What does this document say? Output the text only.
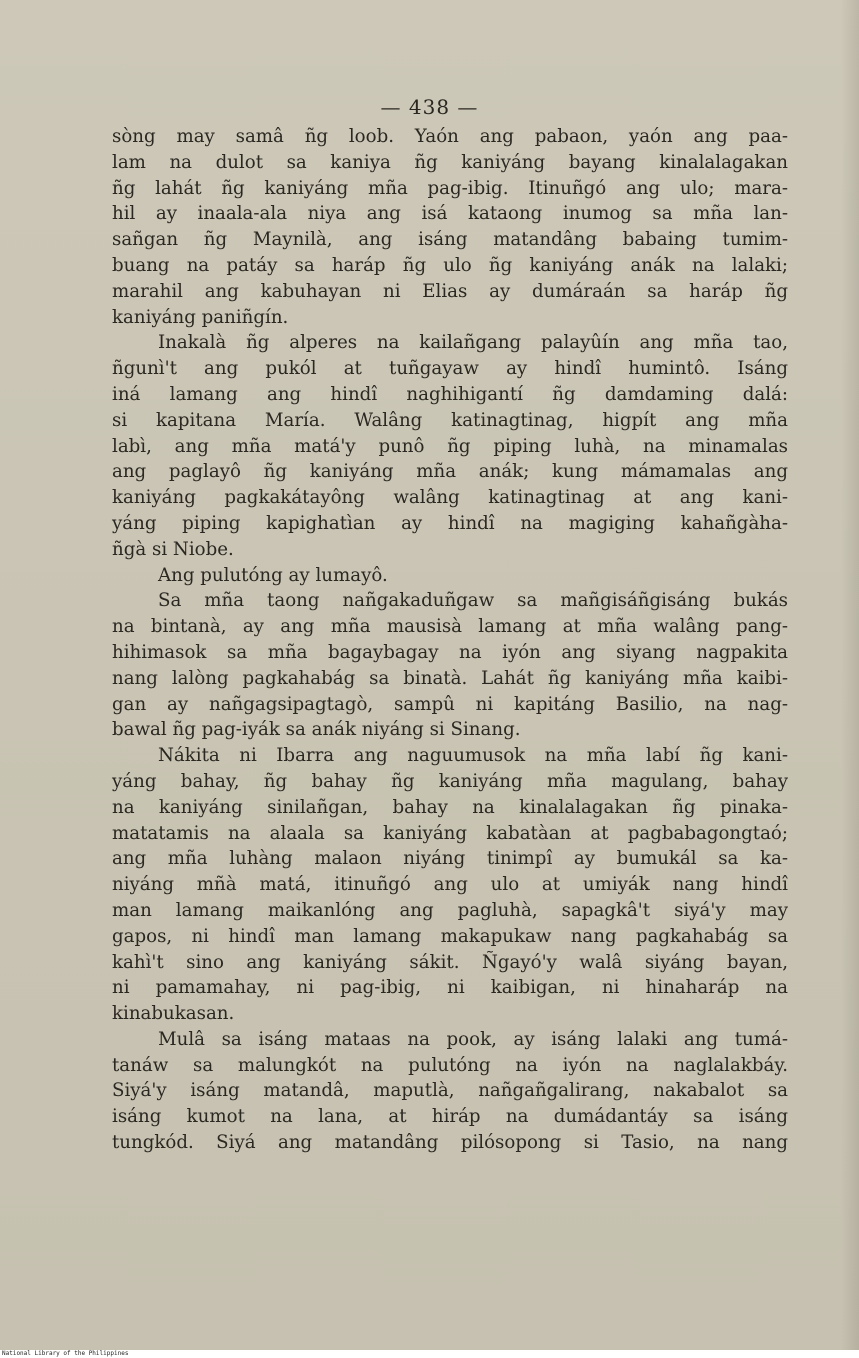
— 438 —
sòng may samâ ñg loob. Yaón ang pabaon, yaón ang paa-
lam na dulot sa kaniya ñg kaniyáng bayang kinalalagakan
ñg lahát ñg kaniyáng mña pag-ibig. Itinuñgó ang ulo; mara-
hil ay inaala-ala niya ang isá kataong inumog sa mña lan-
sañgan ñg Maynilà, ang isáng matandâng babaing tumim-
buang na patáy sa haráp ñg ulo ñg kaniyáng anák na lalaki;
marahil ang kabuhayan ni Elias ay dumáraán sa haráp ñg
kaniyáng paniñgín.
Inakalà ñg alperes na kailañgang palayûín ang mña tao,
ñgunì't ang pukól at tuñgayaw ay hindî humintô. Isáng
iná lamang ang hindî naghihigantí ñg damdaming dalá:
si kapitana María. Walâng katinagtinag, higpít ang mña
labì, ang mña matá'y punô ñg piping luhà, na minamalas
ang paglayô ñg kaniyáng mña anák; kung mámamalas ang
kaniyáng pagkakátayông walâng katinagtinag at ang kani-
yáng piping kapighatìan ay hindî na magiging kahañgàha-
ñgà si Niobe.
Ang pulutóng ay lumayô.
Sa mña taong nañgakaduñgaw sa mañgisáñgisáng bukás
na bintanà, ay ang mña mausisà lamang at mña walâng pang-
hihimasok sa mña bagaybagay na iyón ang siyang nagpakita
nang lalòng pagkahabág sa binatà. Lahát ñg kaniyáng mña kaibi-
gan ay nañgagsipagtagò, sampû ni kapitáng Basilio, na nag-
bawal ñg pag-iyák sa anák niyáng si Sinang.
Nákita ni Ibarra ang naguumusok na mña labí ñg kani-
yáng bahay, ñg bahay ñg kaniyáng mña magulang, bahay
na kaniyáng sinilañgan, bahay na kinalalagakan ñg pinaka-
matatamis na alaala sa kaniyáng kabatàan at pagbabagongtaó;
ang mña luhàng malaon niyáng tinimpî ay bumukál sa ka-
niyáng mñà matá, itinuñgó ang ulo at umiyák nang hindî
man lamang maikanlóng ang pagluhà, sapagkâ't siyá'y may
gapos, ni hindî man lamang makapukaw nang pagkahabág sa
kahì't sino ang kaniyáng sákit. Ñgayó'y walâ siyáng bayan,
ni pamamahay, ni pag-ibig, ni kaibigan, ni hinaharáp na
kinabukasan.
Mulâ sa isáng mataas na pook, ay isáng lalaki ang tumá-
tanáw sa malungkót na pulutóng na iyón na naglalakbáy.
Siyá'y isáng matandâ, maputlà, nañgañgalirang, nakabalot sa
isáng kumot na lana, at hiráp na dumádantáy sa isáng
tungkód. Siyá ang matandâng pilósopong si Tasio, na nang
National Library of the Philippines
